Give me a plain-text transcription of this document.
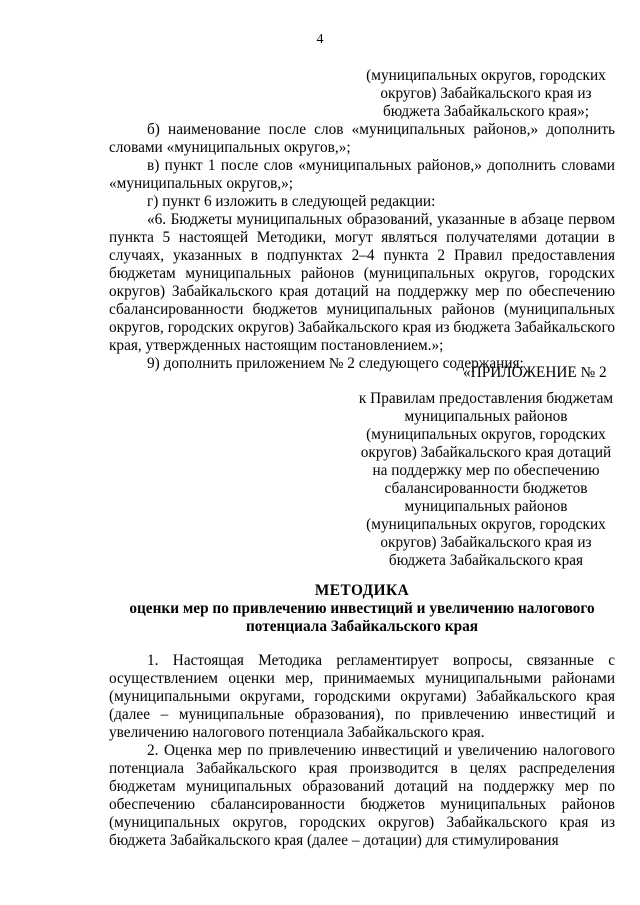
4
(муниципальных округов, городских
округов) Забайкальского края из
бюджета Забайкальского края»;

б) наименование после слов «муниципальных районов,» дополнить словами «муниципальных округов,»;

в) пункт 1 после слов «муниципальных районов,» дополнить словами «муниципальных округов,»;

г) пункт 6 изложить в следующей редакции:

«6. Бюджеты муниципальных образований, указанные в абзаце первом пункта 5 настоящей Методики, могут являться получателями дотации в случаях, указанных в подпунктах 2–4 пункта 2 Правил предоставления бюджетам муниципальных районов (муниципальных округов, городских округов) Забайкальского края дотаций на поддержку мер по обеспечению сбалансированности бюджетов муниципальных районов (муниципальных округов, городских округов) Забайкальского края из бюджета Забайкальского края, утвержденных настоящим постановлением.»;

9) дополнить приложением № 2 следующего содержания:

«ПРИЛОЖЕНИЕ № 2
к Правилам предоставления бюджетам
муниципальных районов
(муниципальных округов, городских
округов) Забайкальского края дотаций
на поддержку мер по обеспечению
сбалансированности бюджетов
муниципальных районов
(муниципальных округов, городских
округов) Забайкальского края из
бюджета Забайкальского края
МЕТОДИКА
оценки мер по привлечению инвестиций и увеличению налогового
потенциала Забайкальского края

1. Настоящая Методика регламентирует вопросы, связанные с осуществлением оценки мер, принимаемых муниципальными районами (муниципальными округами, городскими округами) Забайкальского края (далее – муниципальные образования), по привлечению инвестиций и увеличению налогового потенциала Забайкальского края.

2. Оценка мер по привлечению инвестиций и увеличению налогового потенциала Забайкальского края производится в целях распределения бюджетам муниципальных образований дотаций на поддержку мер по обеспечению сбалансированности бюджетов муниципальных районов (муниципальных округов, городских округов) Забайкальского края из бюджета Забайкальского края (далее – дотации) для стимулирования
